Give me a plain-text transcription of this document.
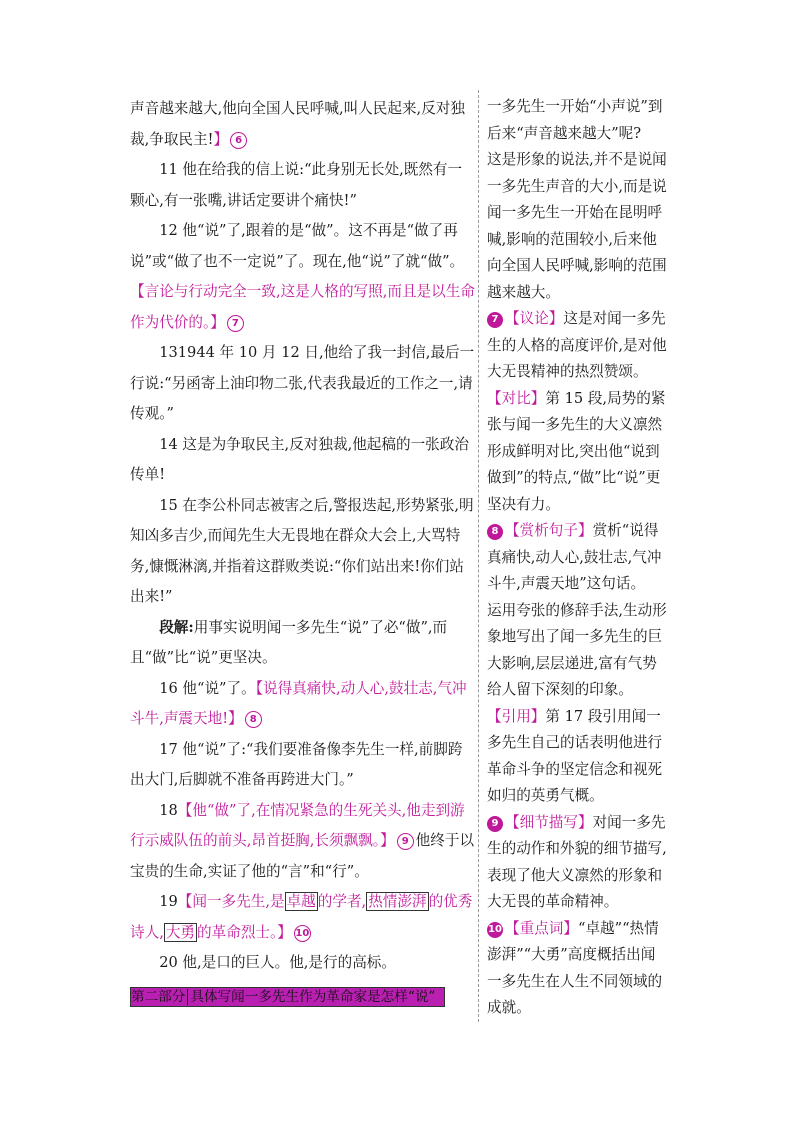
声音越来越大,他向全国人民呼喊,叫人民起来,反对独裁,争取民主!】 6

11 他在给我的信上说:“此身别无长处,既然有一颗心,有一张嘴,讲话定要讲个痛快!”

12 他“说”了,跟着的是“做”。这不再是“做了再说”或“做了也不一定说”了。现在,他“说”了就“做”。【言论与行动完全一致,这是人格的写照,而且是以生命作为代价的。】 7

131944 年 10 月 12 日,他给了我一封信,最后一行说:“另函寄上油印物二张,代表我最近的工作之一,请传观。”

14 这是为争取民主,反对独裁,他起稿的一张政治传单!

15 在李公朴同志被害之后,警报迭起,形势紧张,明知凶多吉少,而闻先生大无畏地在群众大会上,大骂特务,慷慨淋漓,并指着这群败类说:“你们站出来!你们站出来!”

段解:用事实说明闻一多先生“说”了必“做”,而且“做”比“说”更坚决。

16 他“说”了。【说得真痛快,动人心,鼓壮志,气冲斗牛,声震天地!】 8

17 他“说”了:“我们要准备像李先生一样,前脚跨出大门,后脚就不准备再跨进大门。”

18【他“做”了,在情况紧急的生死关头,他走到游行示威队伍的前头,昂首挺胸,长须飘飘。】 9 他终于以宝贵的生命,实证了他的“言”和“行”。

19【闻一多先生,是 卓越 的学者, 热情澎湃 的优秀诗人, 大勇 的革命烈士。】 10

20 他,是口的巨人。他,是行的高标。

第二部分 具体写闻一多先生作为革命家是怎样“说”

一多先生一开始“小声说”到后来“声音越来越大”呢?

这是形象的说法,并不是说闻一多先生声音的大小,而是说闻一多先生一开始在昆明呼喊,影响的范围较小,后来他向全国人民呼喊,影响的范围越来越大。

7 【议论】这是对闻一多先生的人格的高度评价,是对他大无畏精神的热烈赞颂。

【对比】第 15 段,局势的紧张与闻一多先生的大义凛然形成鲜明对比,突出他“说到做到”的特点,“做”比“说”更坚决有力。

8 【赏析句子】赏析“说得真痛快,动人心,鼓壮志,气冲斗牛,声震天地”这句话。

运用夸张的修辞手法,生动形象地写出了闻一多先生的巨大影响,层层递进,富有气势给人留下深刻的印象。

【引用】第 17 段引用闻一多先生自己的话表明他进行革命斗争的坚定信念和视死如归的英勇气概。

9 【细节描写】对闻一多先生的动作和外貌的细节描写,表现了他大义凛然的形象和大无畏的革命精神。

10 【重点词】“卓越”“热情澎湃”“大勇”高度概括出闻一多先生在人生不同领域的成就。
